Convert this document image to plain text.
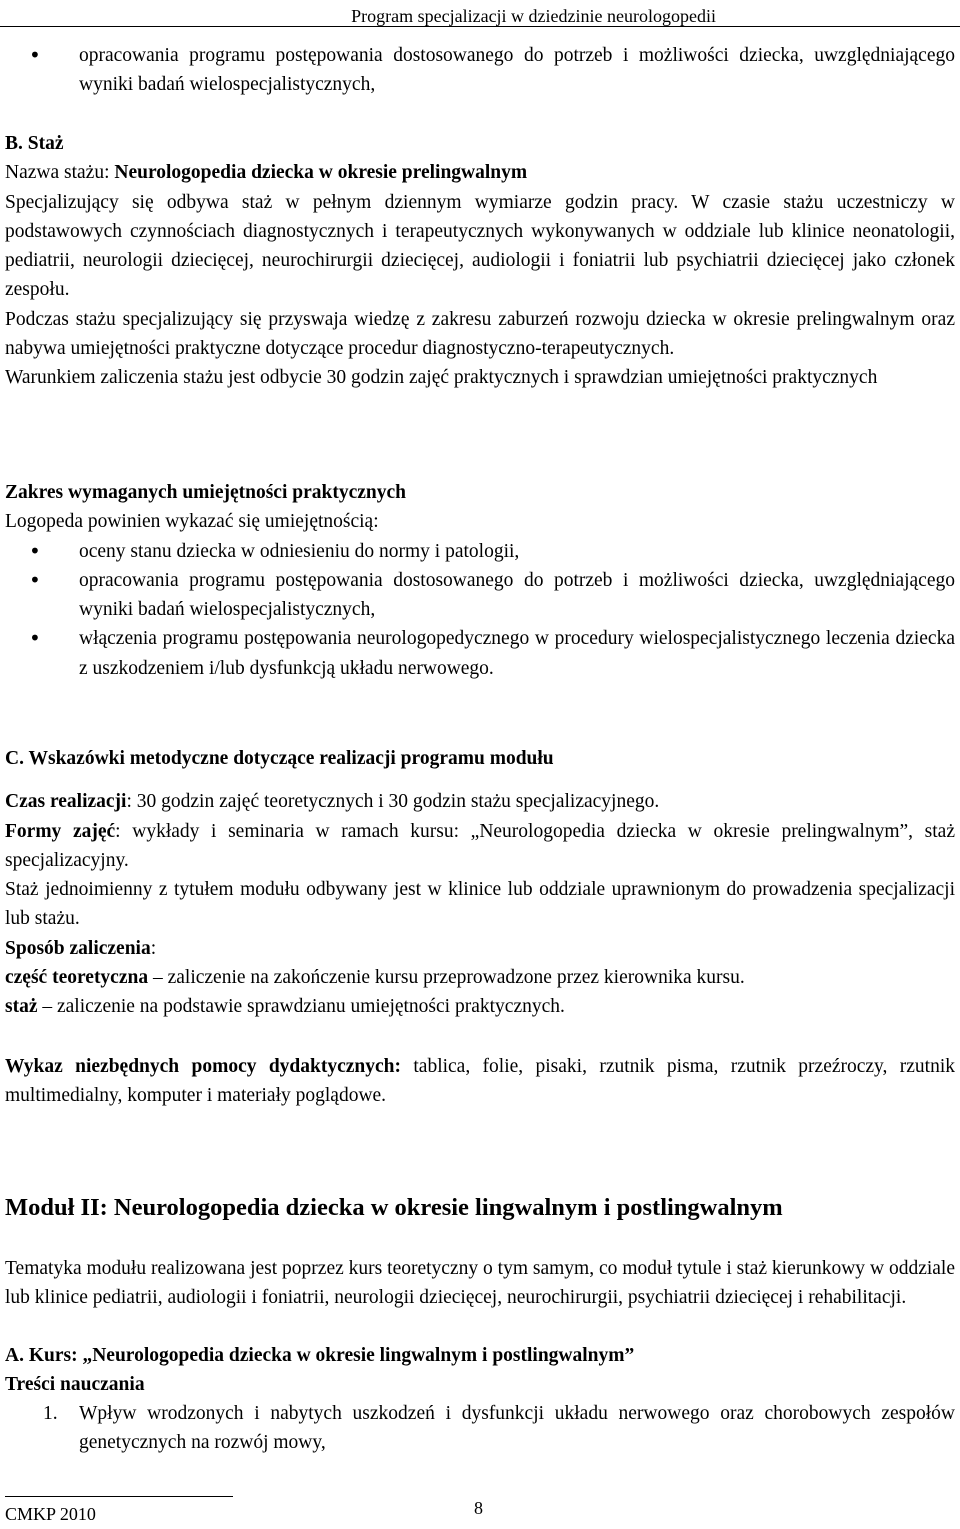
Program specjalizacji w dziedzinie neurologopedii
• opracowania programu postępowania dostosowanego do potrzeb i możliwości dziecka, uwzględniającego wyniki badań wielospecjalistycznych,

B. Staż

Nazwa stażu: Neurologopedia dziecka w okresie prelingwalnym

Specjalizujący się odbywa staż w pełnym dziennym wymiarze godzin pracy. W czasie stażu uczestniczy w podstawowych czynnościach diagnostycznych i terapeutycznych wykonywanych w oddziale lub klinice neonatologii, pediatrii, neurologii dziecięcej, neurochirurgii dziecięcej, audiologii i foniatrii lub psychiatrii dziecięcej jako członek zespołu.

Podczas stażu specjalizujący się przyswaja wiedzę z zakresu zaburzeń rozwoju dziecka w okresie prelingwalnym oraz nabywa umiejętności praktyczne dotyczące procedur diagnostyczno-terapeutycznych.

Warunkiem zaliczenia stażu jest odbycie 30 godzin zajęć praktycznych i sprawdzian umiejętności praktycznych

Zakres wymaganych umiejętności praktycznych

Logopeda powinien wykazać się umiejętnością:

• oceny stanu dziecka w odniesieniu do normy i patologii,
• opracowania programu postępowania dostosowanego do potrzeb i możliwości dziecka, uwzględniającego wyniki badań wielospecjalistycznych,
• włączenia programu postępowania neurologopedycznego w procedury wielospecjalistycznego leczenia dziecka z uszkodzeniem i/lub dysfunkcją układu nerwowego.

C. Wskazówki metodyczne dotyczące realizacji programu modułu

Czas realizacji: 30 godzin zajęć teoretycznych i 30 godzin stażu specjalizacyjnego.

Formy zajęć: wykłady i seminaria w ramach kursu: „Neurologopedia dziecka w okresie prelingwalnym”, staż specjalizacyjny.

Staż jednoimienny z tytułem modułu odbywany jest w klinice lub oddziale uprawnionym do prowadzenia specjalizacji lub stażu.

Sposób zaliczenia:

część teoretyczna – zaliczenie na zakończenie kursu przeprowadzone przez kierownika kursu.

staż – zaliczenie na podstawie sprawdzianu umiejętności praktycznych.

Wykaz niezbędnych pomocy dydaktycznych: tablica, folie, pisaki, rzutnik pisma, rzutnik przeźroczy, rzutnik multimedialny, komputer i materiały poglądowe.

Moduł II: Neurologopedia dziecka w okresie lingwalnym i postlingwalnym

Tematyka modułu realizowana jest poprzez kurs teoretyczny o tym samym, co moduł tytule i staż kierunkowy w oddziale lub klinice pediatrii, audiologii i foniatrii, neurologii dziecięcej, neurochirurgii, psychiatrii dziecięcej i rehabilitacji.

A. Kurs: „Neurologopedia dziecka w okresie lingwalnym i postlingwalnym”

Treści nauczania

1. Wpływ wrodzonych i nabytych uszkodzeń i dysfunkcji układu nerwowego oraz chorobowych zespołów genetycznych na rozwój mowy,
CMKP 2010	8
